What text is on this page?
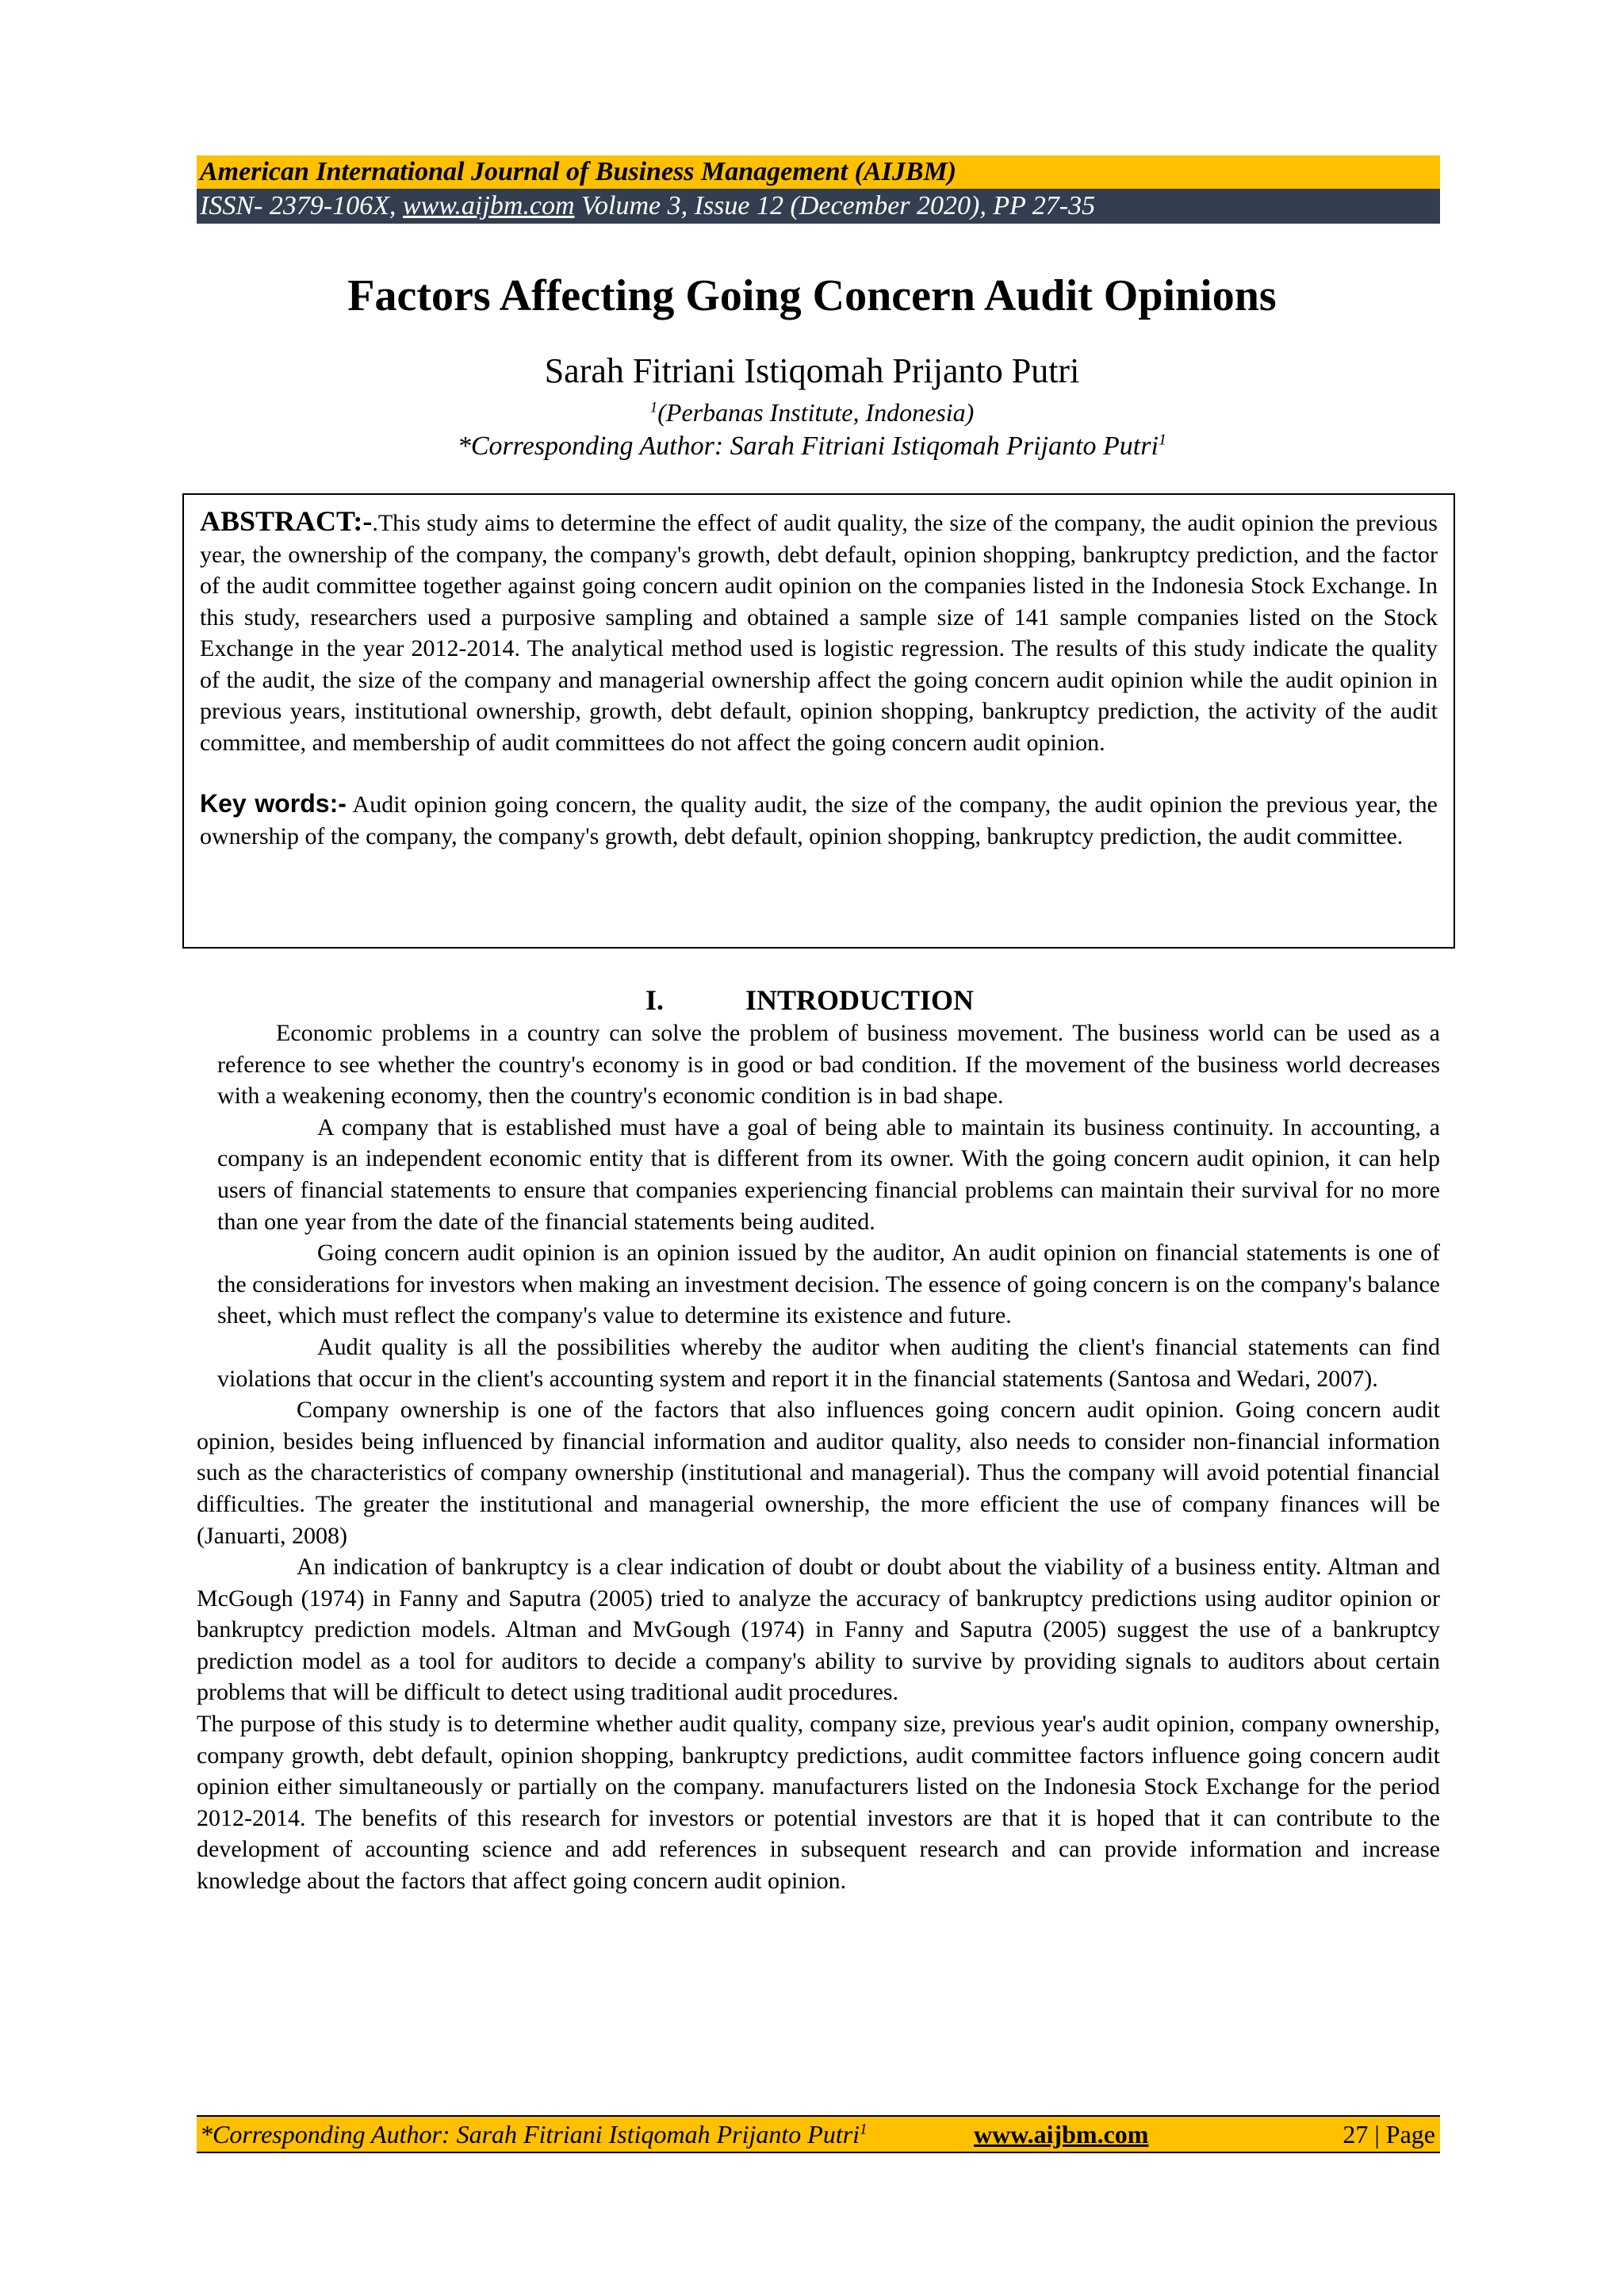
American International Journal of Business Management (AIJBM)
ISSN- 2379-106X, www.aijbm.com Volume 3, Issue 12 (December 2020), PP 27-35
Factors Affecting Going Concern Audit Opinions
Sarah Fitriani Istiqomah Prijanto Putri
$^1$(Perbanas Institute, Indonesia)
*Corresponding Author: Sarah Fitriani Istiqomah Prijanto Putri$^1$

ABSTRACT:-.This study aims to determine the effect of audit quality, the size of the company, the audit opinion the previous year, the ownership of the company, the company's growth, debt default, opinion shopping, bankruptcy prediction, and the factor of the audit committee together against going concern audit opinion on the companies listed in the Indonesia Stock Exchange. In this study, researchers used a purposive sampling and obtained a sample size of 141 sample companies listed on the Stock Exchange in the year 2012-2014. The analytical method used is logistic regression. The results of this study indicate the quality of the audit, the size of the company and managerial ownership affect the going concern audit opinion while the audit opinion in previous years, institutional ownership, growth, debt default, opinion shopping, bankruptcy prediction, the activity of the audit committee, and membership of audit committees do not affect the going concern audit opinion.

Key words:- Audit opinion going concern, the quality audit, the size of the company, the audit opinion the previous year, the ownership of the company, the company's growth, debt default, opinion shopping, bankruptcy prediction, the audit committee.

I.	INTRODUCTION

Economic problems in a country can solve the problem of business movement. The business world can be used as a reference to see whether the country's economy is in good or bad condition. If the movement of the business world decreases with a weakening economy, then the country's economic condition is in bad shape.

A company that is established must have a goal of being able to maintain its business continuity. In accounting, a company is an independent economic entity that is different from its owner. With the going concern audit opinion, it can help users of financial statements to ensure that companies experiencing financial problems can maintain their survival for no more than one year from the date of the financial statements being audited.

Going concern audit opinion is an opinion issued by the auditor, An audit opinion on financial statements is one of the considerations for investors when making an investment decision. The essence of going concern is on the company's balance sheet, which must reflect the company's value to determine its existence and future.

Audit quality is all the possibilities whereby the auditor when auditing the client's financial statements can find violations that occur in the client's accounting system and report it in the financial statements (Santosa and Wedari, 2007).

Company ownership is one of the factors that also influences going concern audit opinion. Going concern audit opinion, besides being influenced by financial information and auditor quality, also needs to consider non-financial information such as the characteristics of company ownership (institutional and managerial). Thus the company will avoid potential financial difficulties. The greater the institutional and managerial ownership, the more efficient the use of company finances will be (Januarti, 2008)

An indication of bankruptcy is a clear indication of doubt or doubt about the viability of a business entity. Altman and McGough (1974) in Fanny and Saputra (2005) tried to analyze the accuracy of bankruptcy predictions using auditor opinion or bankruptcy prediction models. Altman and MvGough (1974) in Fanny and Saputra (2005) suggest the use of a bankruptcy prediction model as a tool for auditors to decide a company's ability to survive by providing signals to auditors about certain problems that will be difficult to detect using traditional audit procedures.

The purpose of this study is to determine whether audit quality, company size, previous year's audit opinion, company ownership, company growth, debt default, opinion shopping, bankruptcy predictions, audit committee factors influence going concern audit opinion either simultaneously or partially on the company. manufacturers listed on the Indonesia Stock Exchange for the period 2012-2014. The benefits of this research for investors or potential investors are that it is hoped that it can contribute to the development of accounting science and add references in subsequent research and can provide information and increase knowledge about the factors that affect going concern audit opinion.

*Corresponding Author: Sarah Fitriani Istiqomah Prijanto Putri$^1$	www.aijbm.com	27 | Page
